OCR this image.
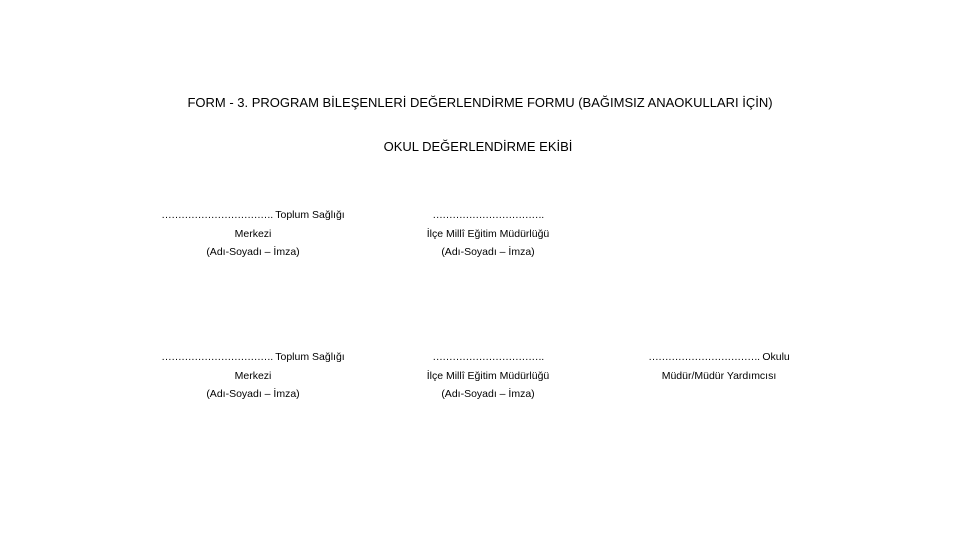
FORM - 3. PROGRAM BİLEŞENLERİ DEĞERLENDİRME FORMU (BAĞIMSIZ ANAOKULLARI İÇİN)
OKUL DEĞERLENDİRME EKİBİ
……………………………. Toplum Sağlığı
Merkezi
(Adı-Soyadı – İmza)
…………………………….
İlçe Millî Eğitim Müdürlüğü
(Adı-Soyadı – İmza)
……………………………. Toplum Sağlığı
Merkezi
(Adı-Soyadı – İmza)
…………………………….
İlçe Millî Eğitim Müdürlüğü
(Adı-Soyadı – İmza)
……………………………. Okulu
Müdür/Müdür Yardımcısı
